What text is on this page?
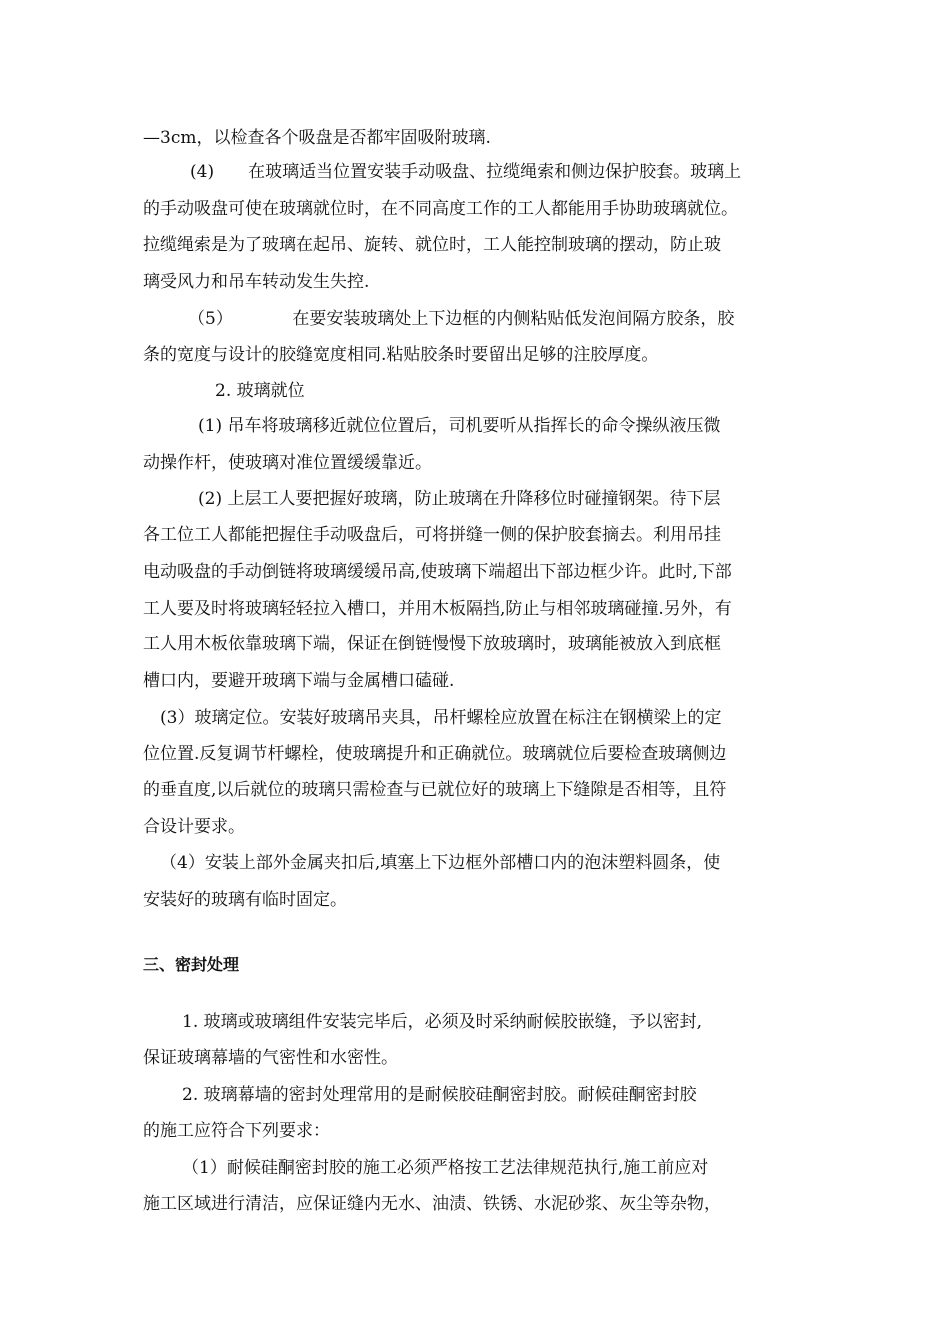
—3cm，以检查各个吸盘是否都牢固吸附玻璃.
(4)　　在玻璃适当位置安装手动吸盘、拉缆绳索和侧边保护胶套。玻璃上
的手动吸盘可使在玻璃就位时，在不同高度工作的工人都能用手协助玻璃就位。
拉缆绳索是为了玻璃在起吊、旋转、就位时，工人能控制玻璃的摆动，防止玻
璃受风力和吊车转动发生失控.
（5）　　　　在要安装玻璃处上下边框的内侧粘贴低发泡间隔方胶条，胶
条的宽度与设计的胶缝宽度相同.粘贴胶条时要留出足够的注胶厚度。
2. 玻璃就位
(1) 吊车将玻璃移近就位位置后，司机要听从指挥长的命令操纵液压微
动操作杆，使玻璃对准位置缓缓靠近。
(2) 上层工人要把握好玻璃，防止玻璃在升降移位时碰撞钢架。待下层
各工位工人都能把握住手动吸盘后，可将拼缝一侧的保护胶套摘去。利用吊挂
电动吸盘的手动倒链将玻璃缓缓吊高,使玻璃下端超出下部边框少许。此时,下部
工人要及时将玻璃轻轻拉入槽口，并用木板隔挡,防止与相邻玻璃碰撞.另外，有
工人用木板依靠玻璃下端，保证在倒链慢慢下放玻璃时，玻璃能被放入到底框
槽口内，要避开玻璃下端与金属槽口磕碰.
(3）玻璃定位。安装好玻璃吊夹具，吊杆螺栓应放置在标注在钢横梁上的定
位位置.反复调节杆螺栓，使玻璃提升和正确就位。玻璃就位后要检查玻璃侧边
的垂直度,以后就位的玻璃只需检查与已就位好的玻璃上下缝隙是否相等，且符
合设计要求。
（4）安装上部外金属夹扣后,填塞上下边框外部槽口内的泡沫塑料圆条，使
安装好的玻璃有临时固定。
三、密封处理
1. 玻璃或玻璃组件安装完毕后，必须及时采纳耐候胶嵌缝，予以密封,
保证玻璃幕墙的气密性和水密性。
2. 玻璃幕墙的密封处理常用的是耐候胶硅酮密封胶。耐候硅酮密封胶
的施工应符合下列要求：
（1）耐候硅酮密封胶的施工必须严格按工艺法律规范执行,施工前应对
施工区域进行清洁，应保证缝内无水、油渍、铁锈、水泥砂浆、灰尘等杂物，
